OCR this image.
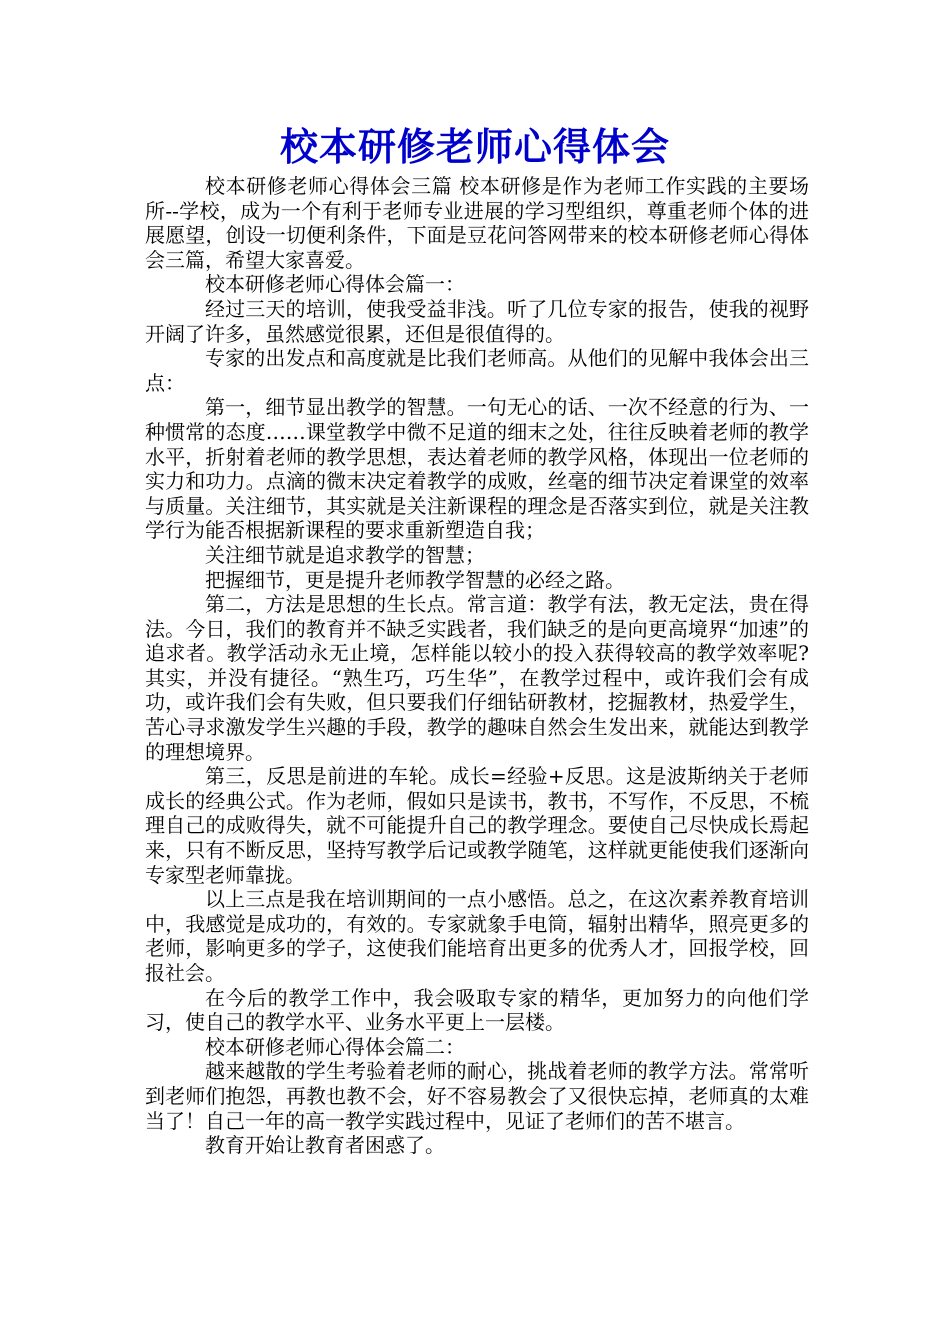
校本研修老师心得体会

校本研修老师心得体会三篇 校本研修是作为老师工作实践的主要场所--学校，成为一个有利于老师专业进展的学习型组织，尊重老师个体的进展愿望，创设一切便利条件，下面是豆花问答网带来的校本研修老师心得体会三篇，希望大家喜爱。

校本研修老师心得体会篇一：

经过三天的培训，使我受益非浅。听了几位专家的报告，使我的视野开阔了许多，虽然感觉很累，还但是很值得的。

专家的出发点和高度就是比我们老师高。从他们的见解中我体会出三点：

第一，细节显出教学的智慧。一句无心的话、一次不经意的行为、一种惯常的态度……课堂教学中微不足道的细末之处，往往反映着老师的教学水平，折射着老师的教学思想，表达着老师的教学风格，体现出一位老师的实力和功力。点滴的微末决定着教学的成败，丝毫的细节决定着课堂的效率与质量。关注细节，其实就是关注新课程的理念是否落实到位，就是关注教学行为能否根据新课程的要求重新塑造自我；

关注细节就是追求教学的智慧；

把握细节，更是提升老师教学智慧的必经之路。

第二，方法是思想的生长点。常言道：教学有法，教无定法，贵在得法。今日，我们的教育并不缺乏实践者，我们缺乏的是向更高境界“加速”的追求者。教学活动永无止境，怎样能以较小的投入获得较高的教学效率呢?其实，并没有捷径。“熟生巧，巧生华”，在教学过程中，或许我们会有成功，或许我们会有失败，但只要我们仔细钻研教材，挖掘教材，热爱学生，苦心寻求激发学生兴趣的手段，教学的趣味自然会生发出来，就能达到教学的理想境界。

第三，反思是前进的车轮。成长=经验+反思。这是波斯纳关于老师成长的经典公式。作为老师，假如只是读书，教书，不写作，不反思，不梳理自己的成败得失，就不可能提升自己的教学理念。要使自己尽快成长焉起来，只有不断反思，坚持写教学后记或教学随笔，这样就更能使我们逐渐向专家型老师靠拢。

以上三点是我在培训期间的一点小感悟。总之，在这次素养教育培训中，我感觉是成功的，有效的。专家就象手电筒，辐射出精华，照亮更多的老师，影响更多的学子，这使我们能培育出更多的优秀人才，回报学校，回报社会。

在今后的教学工作中，我会吸取专家的精华，更加努力的向他们学习，使自己的教学水平、业务水平更上一层楼。

校本研修老师心得体会篇二：

越来越散的学生考验着老师的耐心，挑战着老师的教学方法。常常听到老师们抱怨，再教也教不会，好不容易教会了又很快忘掉，老师真的太难当了！自己一年的高一教学实践过程中，见证了老师们的苦不堪言。

教育开始让教育者困惑了。
